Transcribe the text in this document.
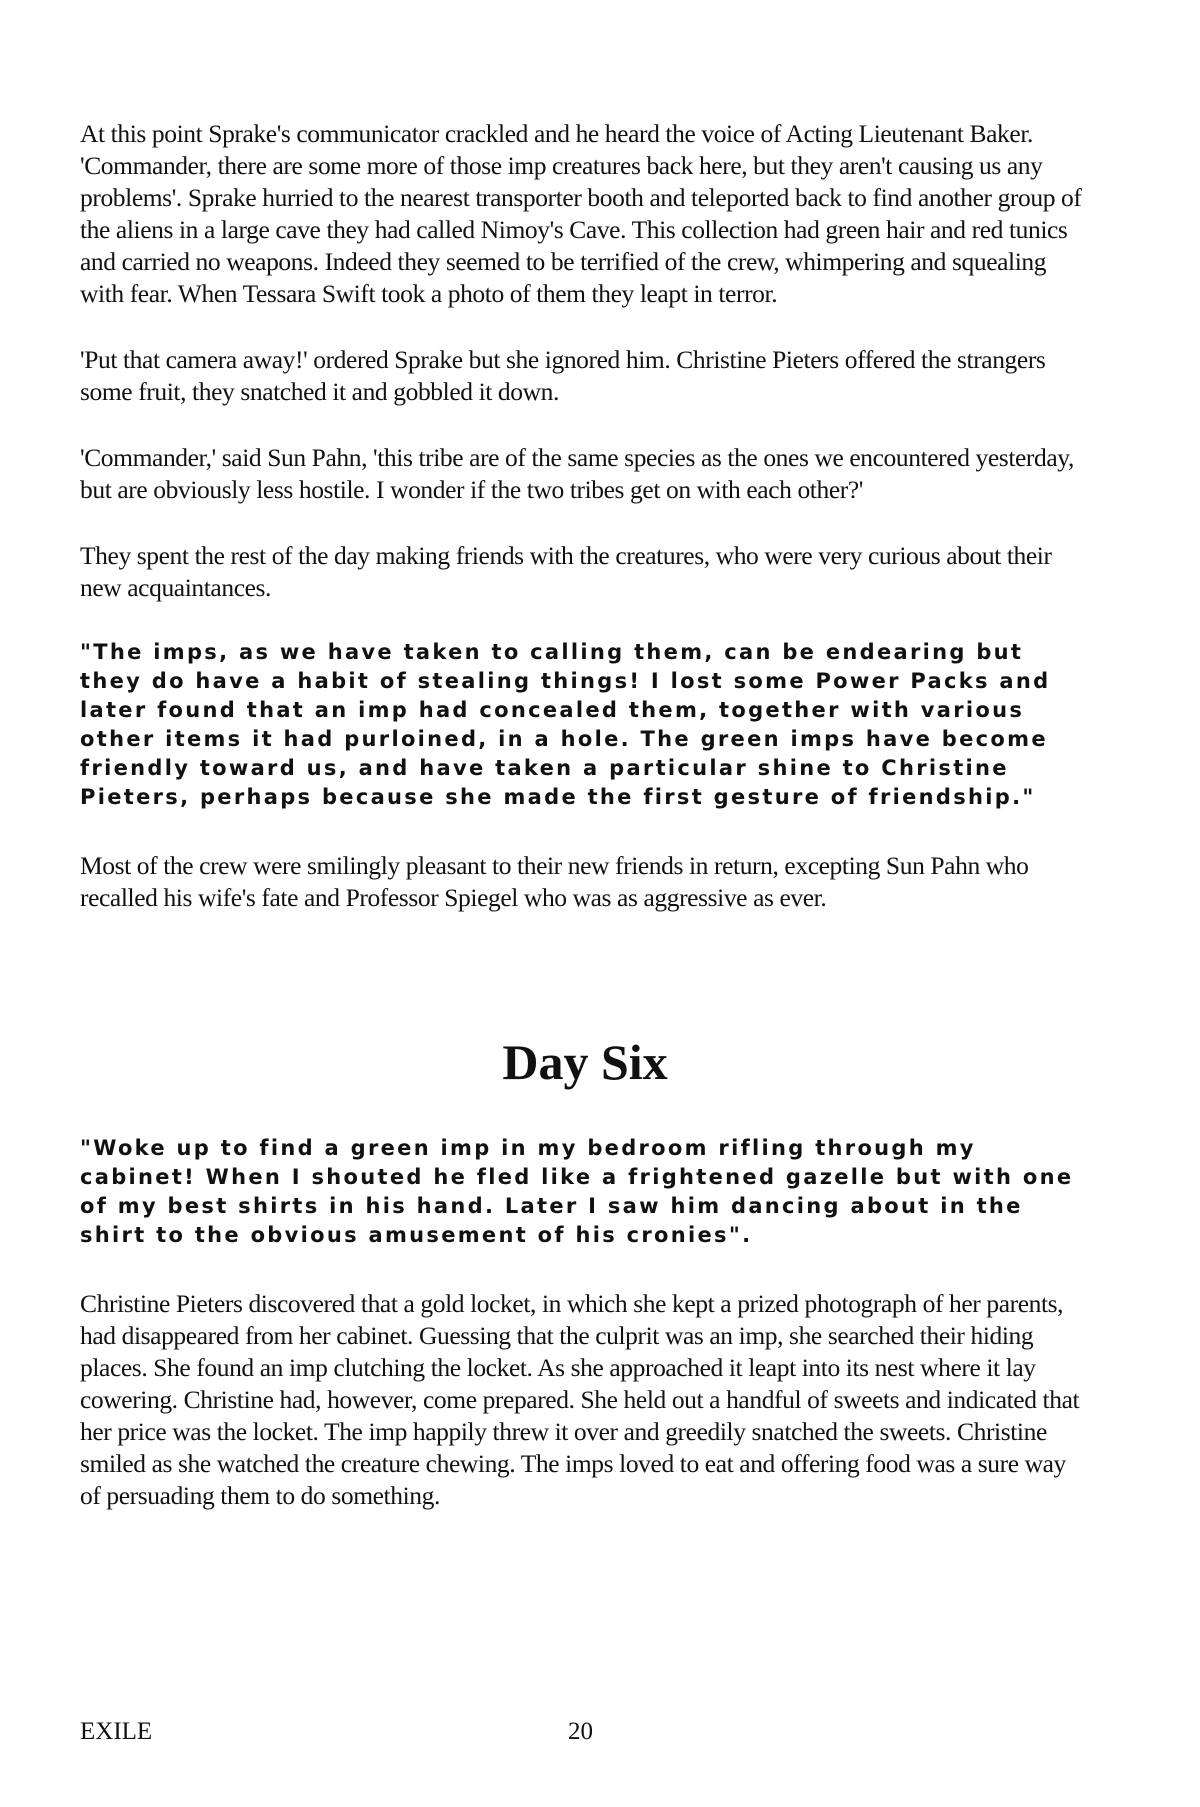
At this point Sprake's communicator crackled and he heard the voice of Acting Lieutenant Baker. 'Commander, there are some more of those imp creatures back here, but they aren't causing us any problems'. Sprake hurried to the nearest transporter booth and teleported back to find another group of the aliens in a large cave they had called Nimoy's Cave. This collection had green hair and red tunics and carried no weapons. Indeed they seemed to be terrified of the crew, whimpering and squealing with fear. When Tessara Swift took a photo of them they leapt in terror.

'Put that camera away!' ordered Sprake but she ignored him. Christine Pieters offered the strangers some fruit, they snatched it and gobbled it down.

'Commander,' said Sun Pahn, 'this tribe are of the same species as the ones we encountered yesterday, but are obviously less hostile. I wonder if the two tribes get on with each other?'

They spent the rest of the day making friends with the creatures, who were very curious about their new acquaintances.

"The imps, as we have taken to calling them, can be endearing but they do have a habit of stealing things! I lost some Power Packs and later found that an imp had concealed them, together with various other items it had purloined, in a hole. The green imps have become friendly toward us, and have taken a particular shine to Christine Pieters, perhaps because she made the first gesture of friendship."

Most of the crew were smilingly pleasant to their new friends in return, excepting Sun Pahn who recalled his wife's fate and Professor Spiegel who was as aggressive as ever.

Day Six

"Woke up to find a green imp in my bedroom rifling through my cabinet! When I shouted he fled like a frightened gazelle but with one of my best shirts in his hand. Later I saw him dancing about in the shirt to the obvious amusement of his cronies".

Christine Pieters discovered that a gold locket, in which she kept a prized photograph of her parents, had disappeared from her cabinet. Guessing that the culprit was an imp, she searched their hiding places. She found an imp clutching the locket. As she approached it leapt into its nest where it lay cowering. Christine had, however, come prepared. She held out a handful of sweets and indicated that her price was the locket. The imp happily threw it over and greedily snatched the sweets. Christine smiled as she watched the creature chewing. The imps loved to eat and offering food was a sure way of persuading them to do something.

EXILE	20
